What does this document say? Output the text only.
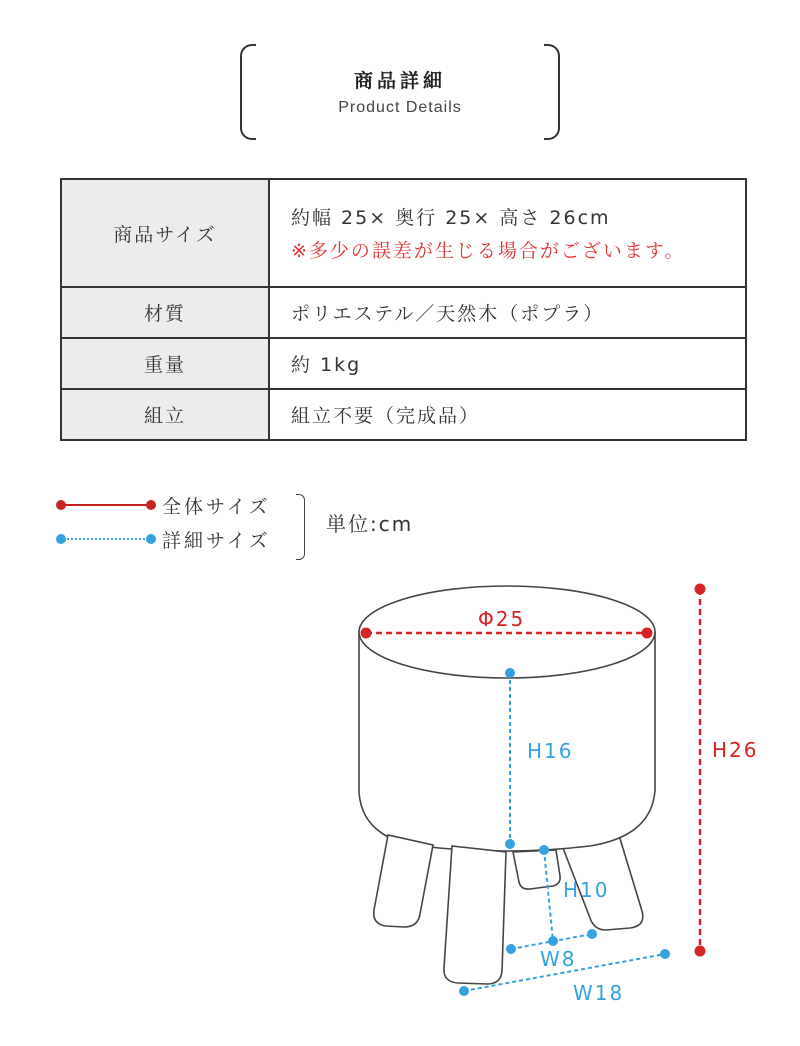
商品詳細
Product Details
商品サイズ	約幅 25× 奥行 25× 高さ 26cm
※多少の誤差が生じる場合がございます。

材質	ポリエステル／天然木（ポプラ）
重量	約 1kg
組立	組立不要（完成品）
全体サイズ
詳細サイズ
単位:cm
Φ25
H26
H16
H10
W8
W18
